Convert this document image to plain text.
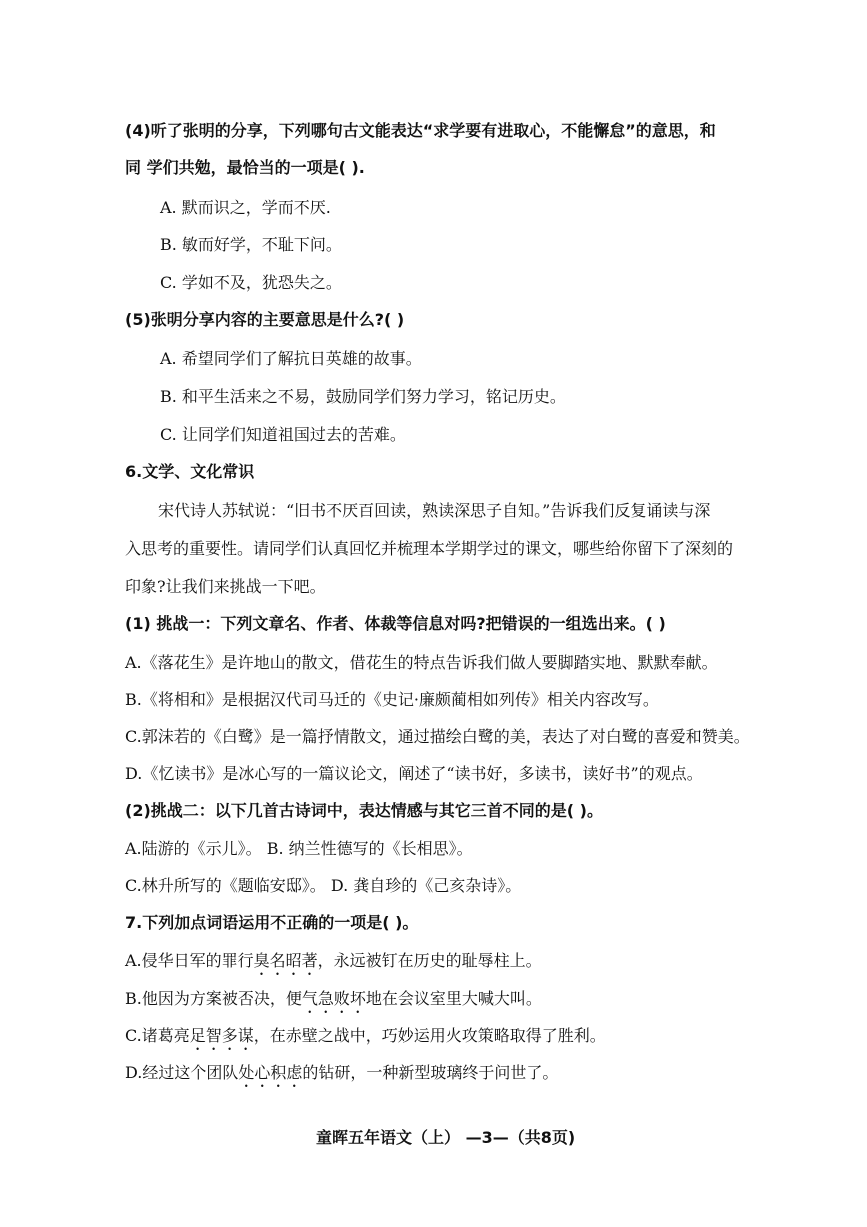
(4)听了张明的分享，下列哪句古文能表达“求学要有进取心，不能懈怠”的意思，和
同 学们共勉，最恰当的一项是( ).
A. 默而识之，学而不厌.
B. 敏而好学，不耻下问。
C. 学如不及，犹恐失之。
(5)张明分享内容的主要意思是什么?( )
A. 希望同学们了解抗日英雄的故事。
B. 和平生活来之不易，鼓励同学们努力学习，铭记历史。
C. 让同学们知道祖国过去的苦难。
6.文学、文化常识
宋代诗人苏轼说：“旧书不厌百回读，熟读深思子自知。”告诉我们反复诵读与深
入思考的重要性。请同学们认真回忆并梳理本学期学过的课文，哪些给你留下了深刻的
印象?让我们来挑战一下吧。
(1) 挑战一：下列文章名、作者、体裁等信息对吗?把错误的一组选出来。( )
A.《落花生》是许地山的散文，借花生的特点告诉我们做人要脚踏实地、默默奉献。
B.《将相和》是根据汉代司马迁的《史记·廉颇蔺相如列传》相关内容改写。
C.郭沫若的《白鹭》是一篇抒情散文，通过描绘白鹭的美，表达了对白鹭的喜爱和赞美。
D.《忆读书》是冰心写的一篇议论文，阐述了“读书好，多读书，读好书”的观点。
(2)挑战二：以下几首古诗词中，表达情感与其它三首不同的是( )。
A.陆游的《示儿》。 B. 纳兰性德写的《长相思》。
C.林升所写的《题临安邸》。 D. 龚自珍的《己亥杂诗》。
7.下列加点词语运用不正确的一项是( )。
A.侵华日军的罪行臭名昭著，永远被钉在历史的耻辱柱上。
B.他因为方案被否决，便气急败坏地在会议室里大喊大叫。
C.诸葛亮足智多谋，在赤壁之战中，巧妙运用火攻策略取得了胜利。
D.经过这个团队处心积虑的钻研，一种新型玻璃终于问世了。
童晖五年语文（上） —3—（共8页)
